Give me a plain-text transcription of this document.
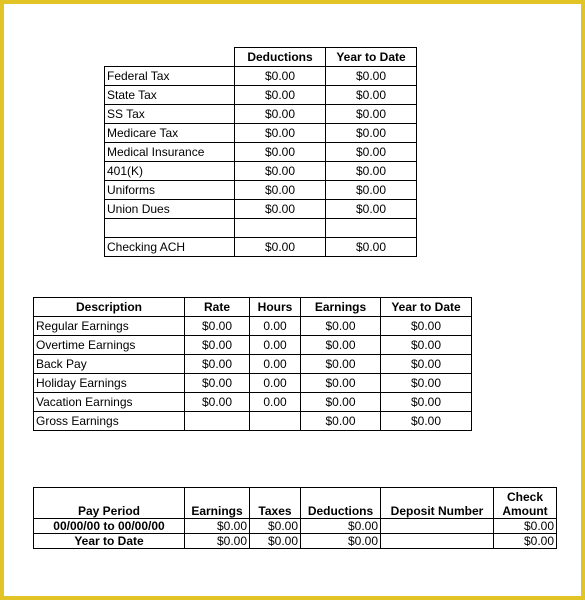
	Deductions	Year to Date
Federal Tax	$0.00	$0.00
State Tax	$0.00	$0.00
SS Tax	$0.00	$0.00
Medicare Tax	$0.00	$0.00
Medical Insurance	$0.00	$0.00
401(K)	$0.00	$0.00
Uniforms	$0.00	$0.00
Union Dues	$0.00	$0.00

Checking ACH	$0.00	$0.00
Description	Rate	Hours	Earnings	Year to Date
Regular Earnings	$0.00	0.00	$0.00	$0.00
Overtime Earnings	$0.00	0.00	$0.00	$0.00
Back Pay	$0.00	0.00	$0.00	$0.00
Holiday Earnings	$0.00	0.00	$0.00	$0.00
Vacation Earnings	$0.00	0.00	$0.00	$0.00
Gross Earnings			$0.00	$0.00
Pay Period	Earnings	Taxes	Deductions	Deposit Number	Check Amount
00/00/00 to 00/00/00	$0.00	$0.00	$0.00		$0.00
Year to Date	$0.00	$0.00	$0.00		$0.00
